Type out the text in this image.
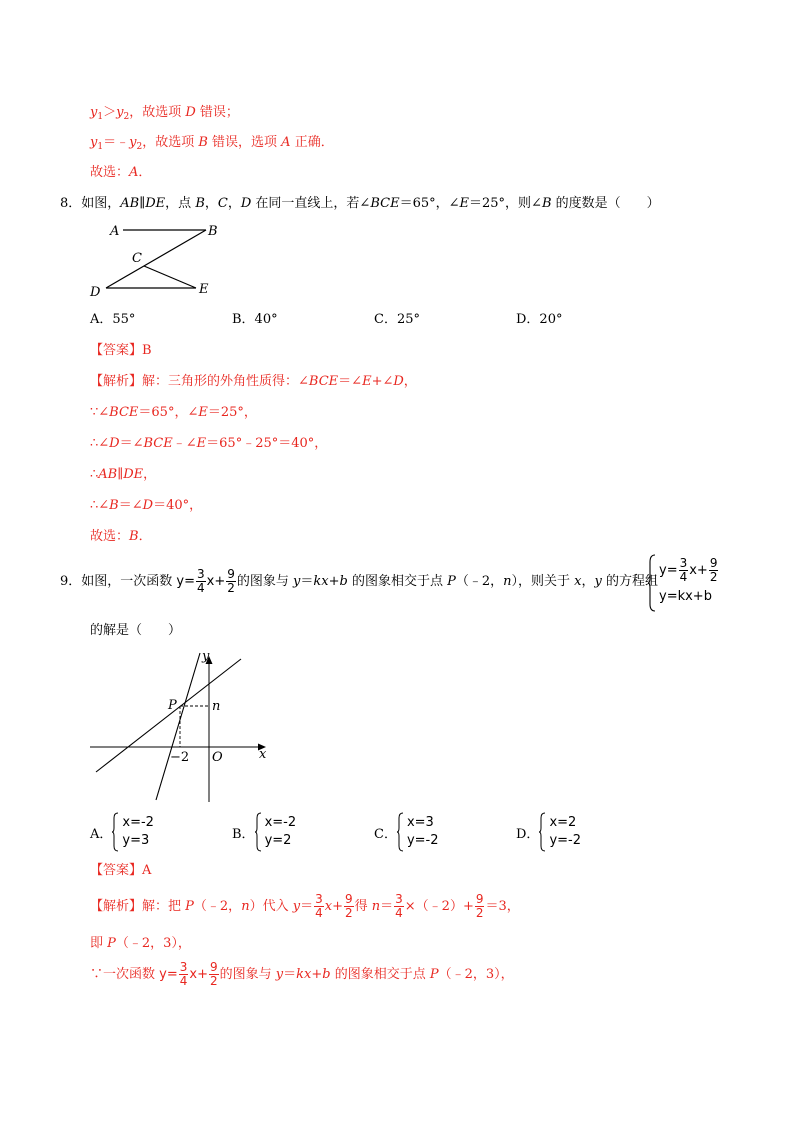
$y_1>y_2$，故选项 D 错误；
$y_1=﹣y_2$，故选项 B 错误，选项 A 正确．
故选：A．
8．如图，AB∥DE，点 B，C，D 在同一直线上，若∠BCE＝65°，∠E＝25°，则∠B 的度数是（　　）
A	B
C
D	E
A．55°	B．40°	C．25°	D．20°
【答案】B
【解析】解：三角形的外角性质得：∠BCE＝∠E+∠D，
∵∠BCE＝65°，∠E＝25°，
∴∠D＝∠BCE﹣∠E＝65°﹣25°＝40°，
∴AB∥DE，
∴∠B＝∠D＝40°，
故选：B．
9．如图，一次函数 $y= \frac{3}{4} x+ \frac{9}{2}$ 的图象与 y＝kx+b 的图象相交于点 P（﹣2，n），则关于 x，y 的方程组
$y= \frac{3}{4} x+ \frac{9}{2}$
y=kx+b
的解是（　　）
y
x
P	n
−2 O
A．
x=-2
y=3	B．
x=-2
y=2	C．
x=3
y=-2	D．
x=2
y=-2
【答案】A
【解析】解：把 P（﹣2，n）代入 $y= \frac{3}{4} x+ \frac{9}{2}$ 得 $n= \frac{3}{4}$ ×（﹣2）+ $\frac{9}{2} =3$，
即 P（﹣2，3），
∵一次函数 $y= \frac{3}{4} x+ \frac{9}{2}$ 的图象与 y＝kx+b 的图象相交于点 P（﹣2，3），
